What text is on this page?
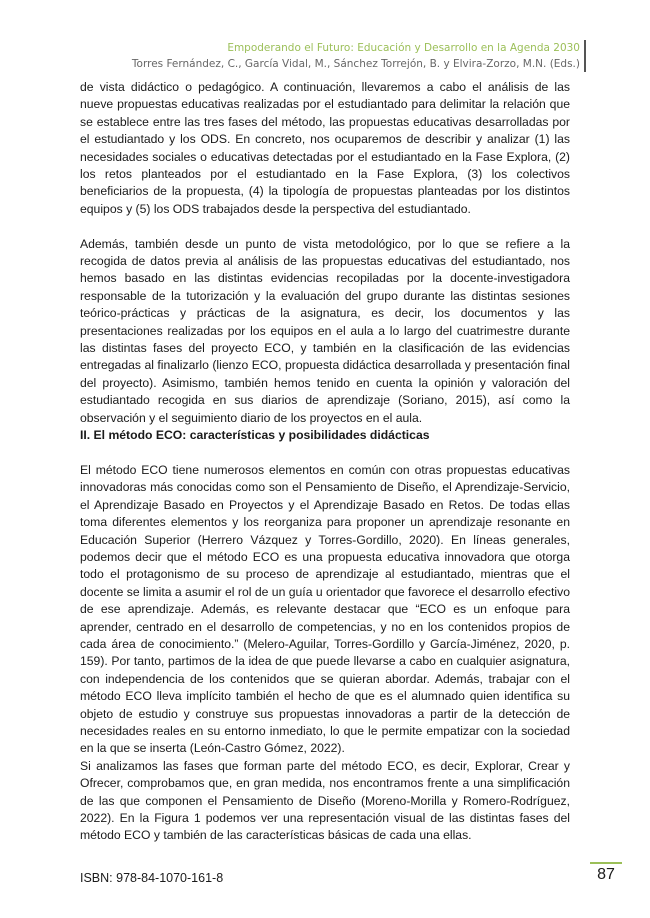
Empoderando el Futuro: Educación y Desarrollo en la Agenda 2030
Torres Fernández, C., García Vidal, M., Sánchez Torrejón, B. y Elvira-Zorzo, M.N. (Eds.)

de vista didáctico o pedagógico. A continuación, llevaremos a cabo el análisis de las nueve propuestas educativas realizadas por el estudiantado para delimitar la relación que se establece entre las tres fases del método, las propuestas educativas desarrolladas por el estudiantado y los ODS. En concreto, nos ocuparemos de describir y analizar (1) las necesidades sociales o educativas detectadas por el estudiantado en la Fase Explora, (2) los retos planteados por el estudiantado en la Fase Explora, (3) los colectivos beneficiarios de la propuesta, (4) la tipología de propuestas planteadas por los distintos equipos y (5) los ODS trabajados desde la perspectiva del estudiantado.

Además, también desde un punto de vista metodológico, por lo que se refiere a la recogida de datos previa al análisis de las propuestas educativas del estudiantado, nos hemos basado en las distintas evidencias recopiladas por la docente-investigadora responsable de la tutorización y la evaluación del grupo durante las distintas sesiones teórico-prácticas y prácticas de la asignatura, es decir, los documentos y las presentaciones realizadas por los equipos en el aula a lo largo del cuatrimestre durante las distintas fases del proyecto ECO, y también en la clasificación de las evidencias entregadas al finalizarlo (lienzo ECO, propuesta didáctica desarrollada y presentación final del proyecto). Asimismo, también hemos tenido en cuenta la opinión y valoración del estudiantado recogida en sus diarios de aprendizaje (Soriano, 2015), así como la observación y el seguimiento diario de los proyectos en el aula.

II. El método ECO: características y posibilidades didácticas

El método ECO tiene numerosos elementos en común con otras propuestas educativas innovadoras más conocidas como son el Pensamiento de Diseño, el Aprendizaje-Servicio, el Aprendizaje Basado en Proyectos y el Aprendizaje Basado en Retos. De todas ellas toma diferentes elementos y los reorganiza para proponer un aprendizaje resonante en Educación Superior (Herrero Vázquez y Torres-Gordillo, 2020). En líneas generales, podemos decir que el método ECO es una propuesta educativa innovadora que otorga todo el protagonismo de su proceso de aprendizaje al estudiantado, mientras que el docente se limita a asumir el rol de un guía u orientador que favorece el desarrollo efectivo de ese aprendizaje. Además, es relevante destacar que “ECO es un enfoque para aprender, centrado en el desarrollo de competencias, y no en los contenidos propios de cada área de conocimiento.” (Melero-Aguilar, Torres-Gordillo y García-Jiménez, 2020, p. 159). Por tanto, partimos de la idea de que puede llevarse a cabo en cualquier asignatura, con independencia de los contenidos que se quieran abordar. Además, trabajar con el método ECO lleva implícito también el hecho de que es el alumnado quien identifica su objeto de estudio y construye sus propuestas innovadoras a partir de la detección de necesidades reales en su entorno inmediato, lo que le permite empatizar con la sociedad en la que se inserta (León-Castro Gómez, 2022).

Si analizamos las fases que forman parte del método ECO, es decir, Explorar, Crear y Ofrecer, comprobamos que, en gran medida, nos encontramos frente a una simplificación de las que componen el Pensamiento de Diseño (Moreno-Morilla y Romero-Rodríguez, 2022). En la Figura 1 podemos ver una representación visual de las distintas fases del método ECO y también de las características básicas de cada una ellas.

ISBN: 978-84-1070-161-8	87
